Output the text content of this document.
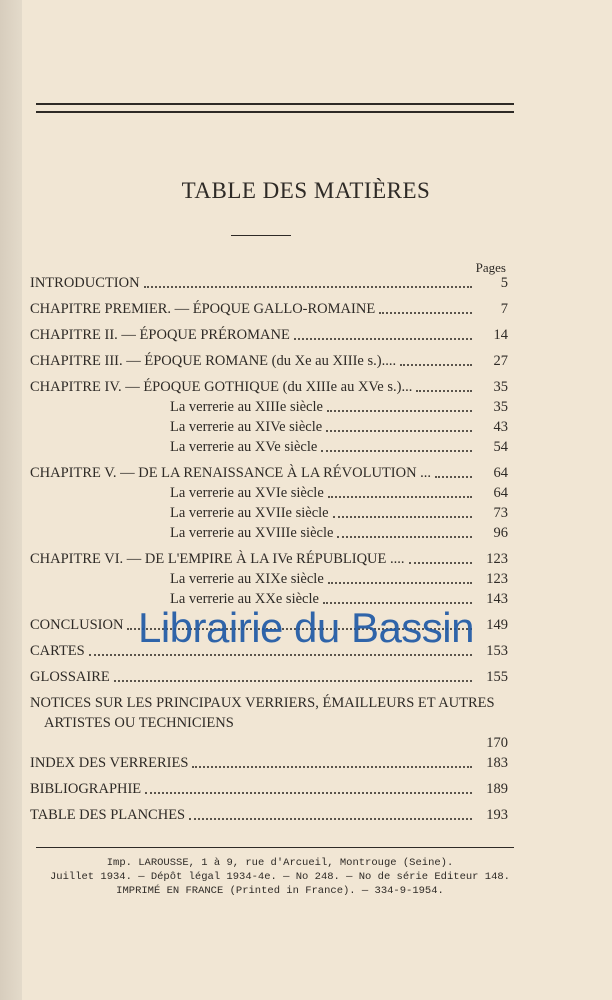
TABLE DES MATIÈRES
Pages
INTRODUCTION	5
CHAPITRE PREMIER. — ÉPOQUE GALLO-ROMAINE	7
CHAPITRE II. — ÉPOQUE PRÉROMANE	14
CHAPITRE III. — ÉPOQUE ROMANE (du Xe au XIIIe s.)....	27
CHAPITRE IV. — ÉPOQUE GOTHIQUE (du XIIIe au XVe s.)...	35
La verrerie au XIIIe siècle	35
La verrerie au XIVe siècle	43
La verrerie au XVe siècle	54
CHAPITRE V. — DE LA RENAISSANCE À LA RÉVOLUTION ...	64
La verrerie au XVIe siècle	64
La verrerie au XVIIe siècle	73
La verrerie au XVIIIe siècle	96
CHAPITRE VI. — DE L'EMPIRE À LA IVe RÉPUBLIQUE ....	123
La verrerie au XIXe siècle	123
La verrerie au XXe siècle	143
CONCLUSION	149
CARTES	153
GLOSSAIRE	155
NOTICES SUR LES PRINCIPAUX VERRIERS, ÉMAILLEURS ET AUTRES
ARTISTES OU TECHNICIENS
170
INDEX DES VERRERIES	183
BIBLIOGRAPHIE	189
TABLE DES PLANCHES	193
Imp. LAROUSSE, 1 à 9, rue d'Arcueil, Montrouge (Seine).
Juillet 1934. — Dépôt légal 1934-4e. — No 248. — No de série Editeur 148.
IMPRIMÉ EN FRANCE (Printed in France). — 334-9-1954.
Librairie du Bassin
